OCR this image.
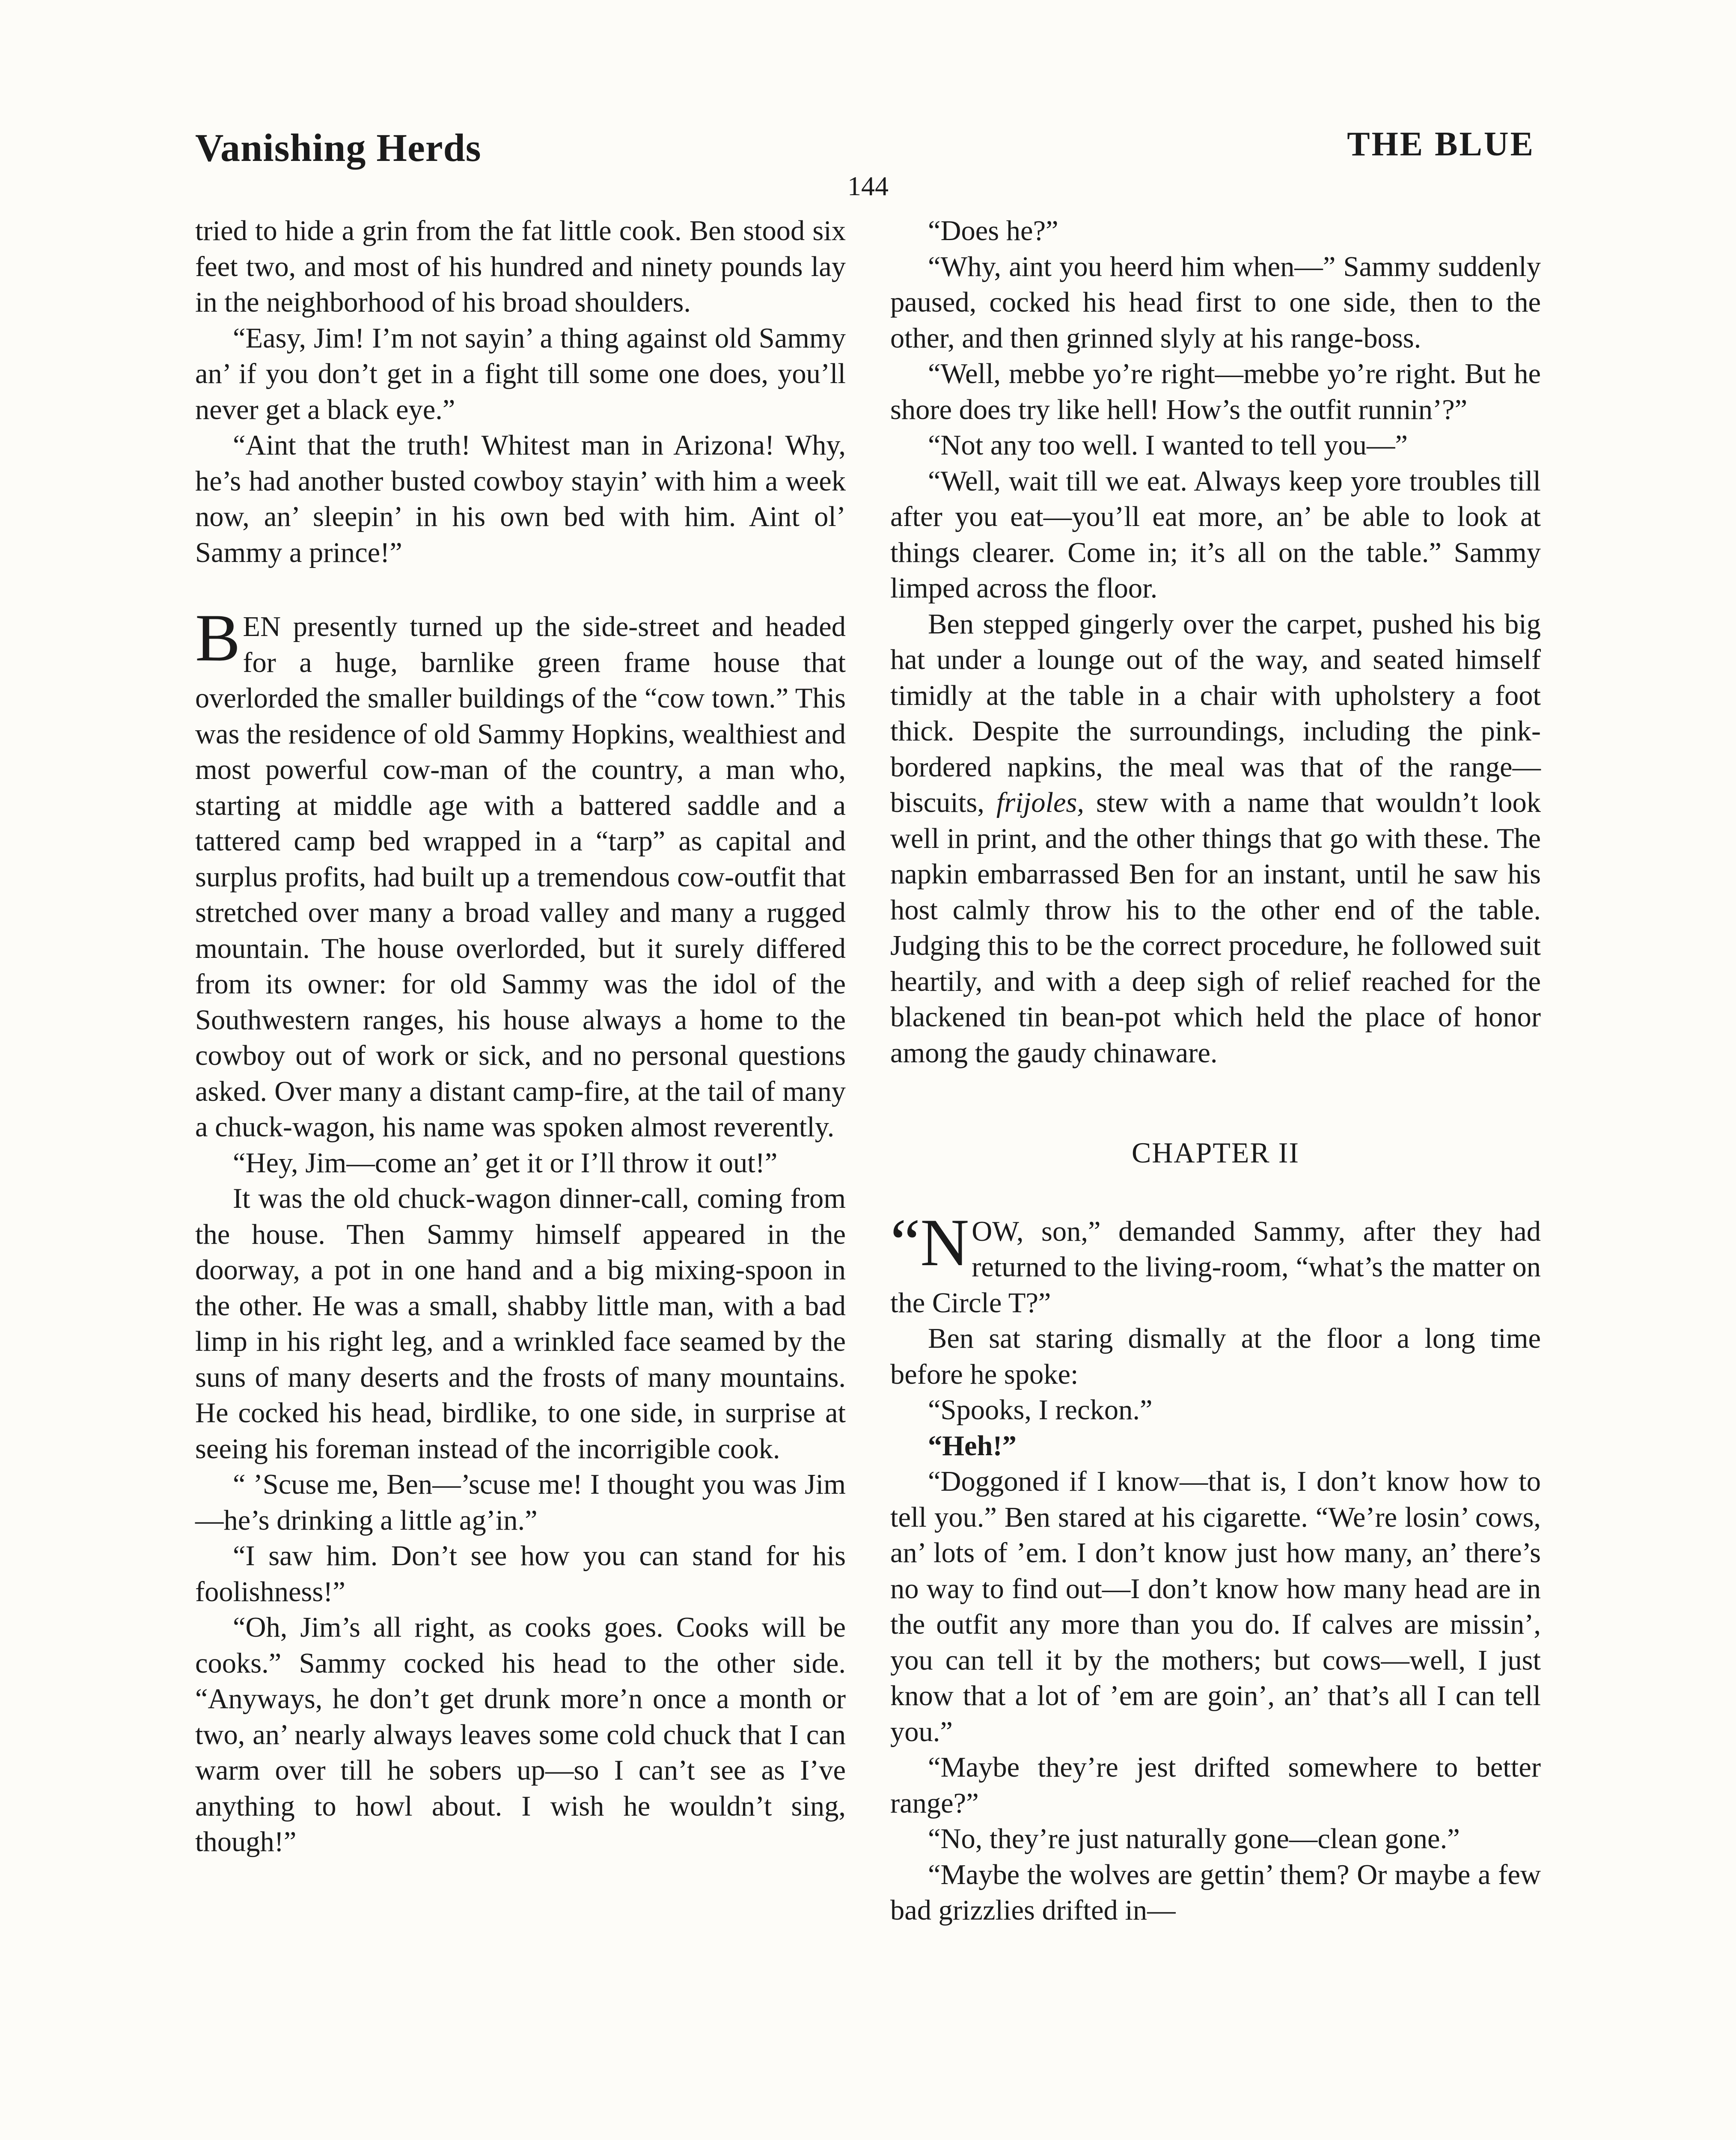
Vanishing Herds	THE BLUE
144

tried to hide a grin from the fat little cook. Ben stood six feet two, and most of his hundred and ninety pounds lay in the neighborhood of his broad shoulders.

“Easy, Jim! I’m not sayin’ a thing against old Sammy an’ if you don’t get in a fight till some one does, you’ll never get a black eye.”

“Aint that the truth! Whitest man in Arizona! Why, he’s had another busted cowboy stayin’ with him a week now, an’ sleepin’ in his own bed with him. Aint ol’ Sammy a prince!”

BEN presently turned up the side-street and headed for a huge, barnlike green frame house that overlorded the smaller buildings of the “cow town.” This was the residence of old Sammy Hopkins, wealthiest and most powerful cow-man of the country, a man who, starting at middle age with a battered saddle and a tattered camp bed wrapped in a “tarp” as capital and surplus profits, had built up a tremendous cow-outfit that stretched over many a broad valley and many a rugged mountain. The house overlorded, but it surely differed from its owner: for old Sammy was the idol of the Southwestern ranges, his house always a home to the cowboy out of work or sick, and no personal questions asked. Over many a distant camp-fire, at the tail of many a chuck-wagon, his name was spoken almost reverently.

“Hey, Jim—come an’ get it or I’ll throw it out!”

It was the old chuck-wagon dinner-call, coming from the house. Then Sammy himself appeared in the doorway, a pot in one hand and a big mixing-spoon in the other. He was a small, shabby little man, with a bad limp in his right leg, and a wrinkled face seamed by the suns of many deserts and the frosts of many mountains. He cocked his head, birdlike, to one side, in surprise at seeing his foreman instead of the incorrigible cook.

“ ’Scuse me, Ben—’scuse me! I thought you was Jim—he’s drinking a little ag’in.”

“I saw him. Don’t see how you can stand for his foolishness!”

“Oh, Jim’s all right, as cooks goes. Cooks will be cooks.” Sammy cocked his head to the other side. “Anyways, he don’t get drunk more’n once a month or two, an’ nearly always leaves some cold chuck that I can warm over till he sobers up—so I can’t see as I’ve anything to howl about. I wish he wouldn’t sing, though!”

“Does he?”

“Why, aint you heerd him when—” Sammy suddenly paused, cocked his head first to one side, then to the other, and then grinned slyly at his range-boss.

“Well, mebbe yo’re right—mebbe yo’re right. But he shore does try like hell! How’s the outfit runnin’?”

“Not any too well. I wanted to tell you—”

“Well, wait till we eat. Always keep yore troubles till after you eat—you’ll eat more, an’ be able to look at things clearer. Come in; it’s all on the table.” Sammy limped across the floor.

Ben stepped gingerly over the carpet, pushed his big hat under a lounge out of the way, and seated himself timidly at the table in a chair with upholstery a foot thick. Despite the surroundings, including the pink-bordered napkins, the meal was that of the range—biscuits, frijoles, stew with a name that wouldn’t look well in print, and the other things that go with these. The napkin embarrassed Ben for an instant, until he saw his host calmly throw his to the other end of the table. Judging this to be the correct procedure, he followed suit heartily, and with a deep sigh of relief reached for the blackened tin bean-pot which held the place of honor among the gaudy chinaware.

CHAPTER II

“N OW, son,” demanded Sammy, after they had returned to the living-room, “what’s the matter on the Circle T?”

Ben sat staring dismally at the floor a long time before he spoke:

“Spooks, I reckon.”

“Heh!”

“Doggoned if I know—that is, I don’t know how to tell you.” Ben stared at his cigarette. “We’re losin’ cows, an’ lots of ’em. I don’t know just how many, an’ there’s no way to find out—I don’t know how many head are in the outfit any more than you do. If calves are missin’, you can tell it by the mothers; but cows—well, I just know that a lot of ’em are goin’, an’ that’s all I can tell you.”

“Maybe they’re jest drifted somewhere to better range?”

“No, they’re just naturally gone—clean gone.”

“Maybe the wolves are gettin’ them? Or maybe a few bad grizzlies drifted in—
